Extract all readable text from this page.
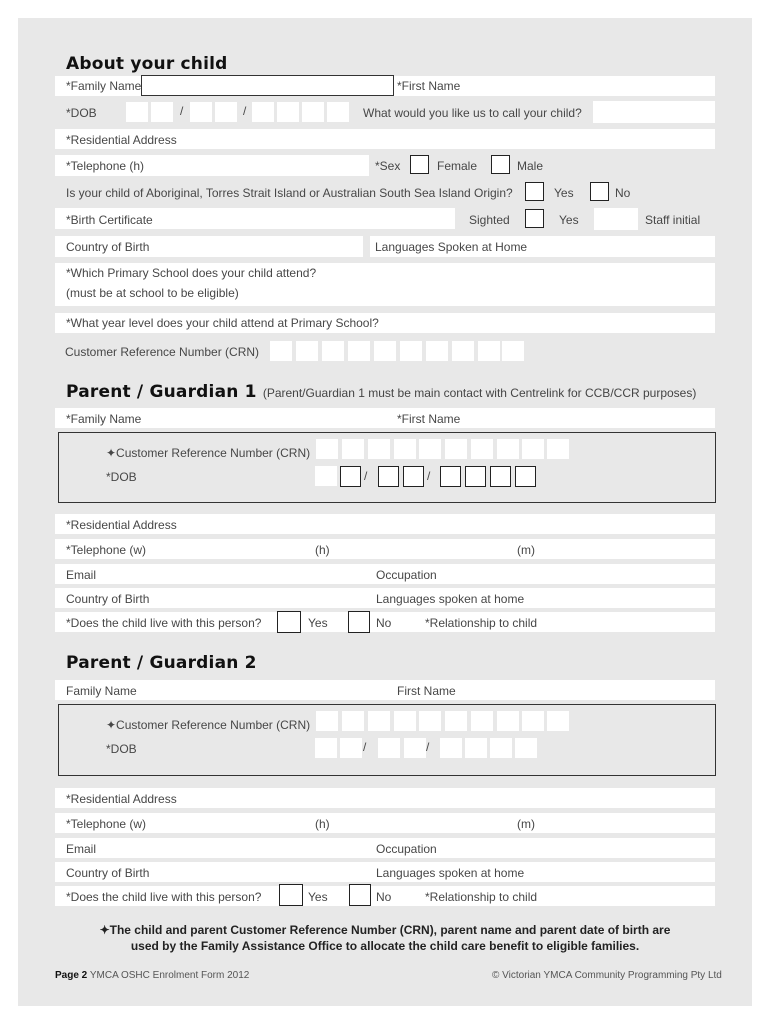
About your child
*Family Name	*First Name
*DOB	/	/	What would you like us to call your child?
*Residential Address
*Telephone (h)	*Sex	Female	Male
Is your child of Aboriginal, Torres Strait Island or Australian South Sea Island Origin?	Yes	No
*Birth Certificate	Sighted	Yes	Staff initial
Country of Birth	Languages Spoken at Home
*Which Primary School does your child attend?
(must be at school to be eligible)
*What year level does your child attend at Primary School?
Customer Reference Number (CRN)
Parent / Guardian 1 (Parent/Guardian 1 must be main contact with Centrelink for CCB/CCR purposes)
*Family Name	*First Name
✦Customer Reference Number (CRN)
*DOB	/	/
*Residential Address
*Telephone (w)	(h)	(m)
Email	Occupation
Country of Birth	Languages spoken at home
*Does the child live with this person?	Yes	No	*Relationship to child
Parent / Guardian 2
Family Name	First Name
✦Customer Reference Number (CRN)
*DOB	/	/
*Residential Address
*Telephone (w)	(h)	(m)
Email	Occupation
Country of Birth	Languages spoken at home
*Does the child live with this person?	Yes	No	*Relationship to child
✦The child and parent Customer Reference Number (CRN), parent name and parent date of birth are
used by the Family Assistance Office to allocate the child care benefit to eligible families.
Page 2 YMCA OSHC Enrolment Form 2012	© Victorian YMCA Community Programming Pty Ltd
